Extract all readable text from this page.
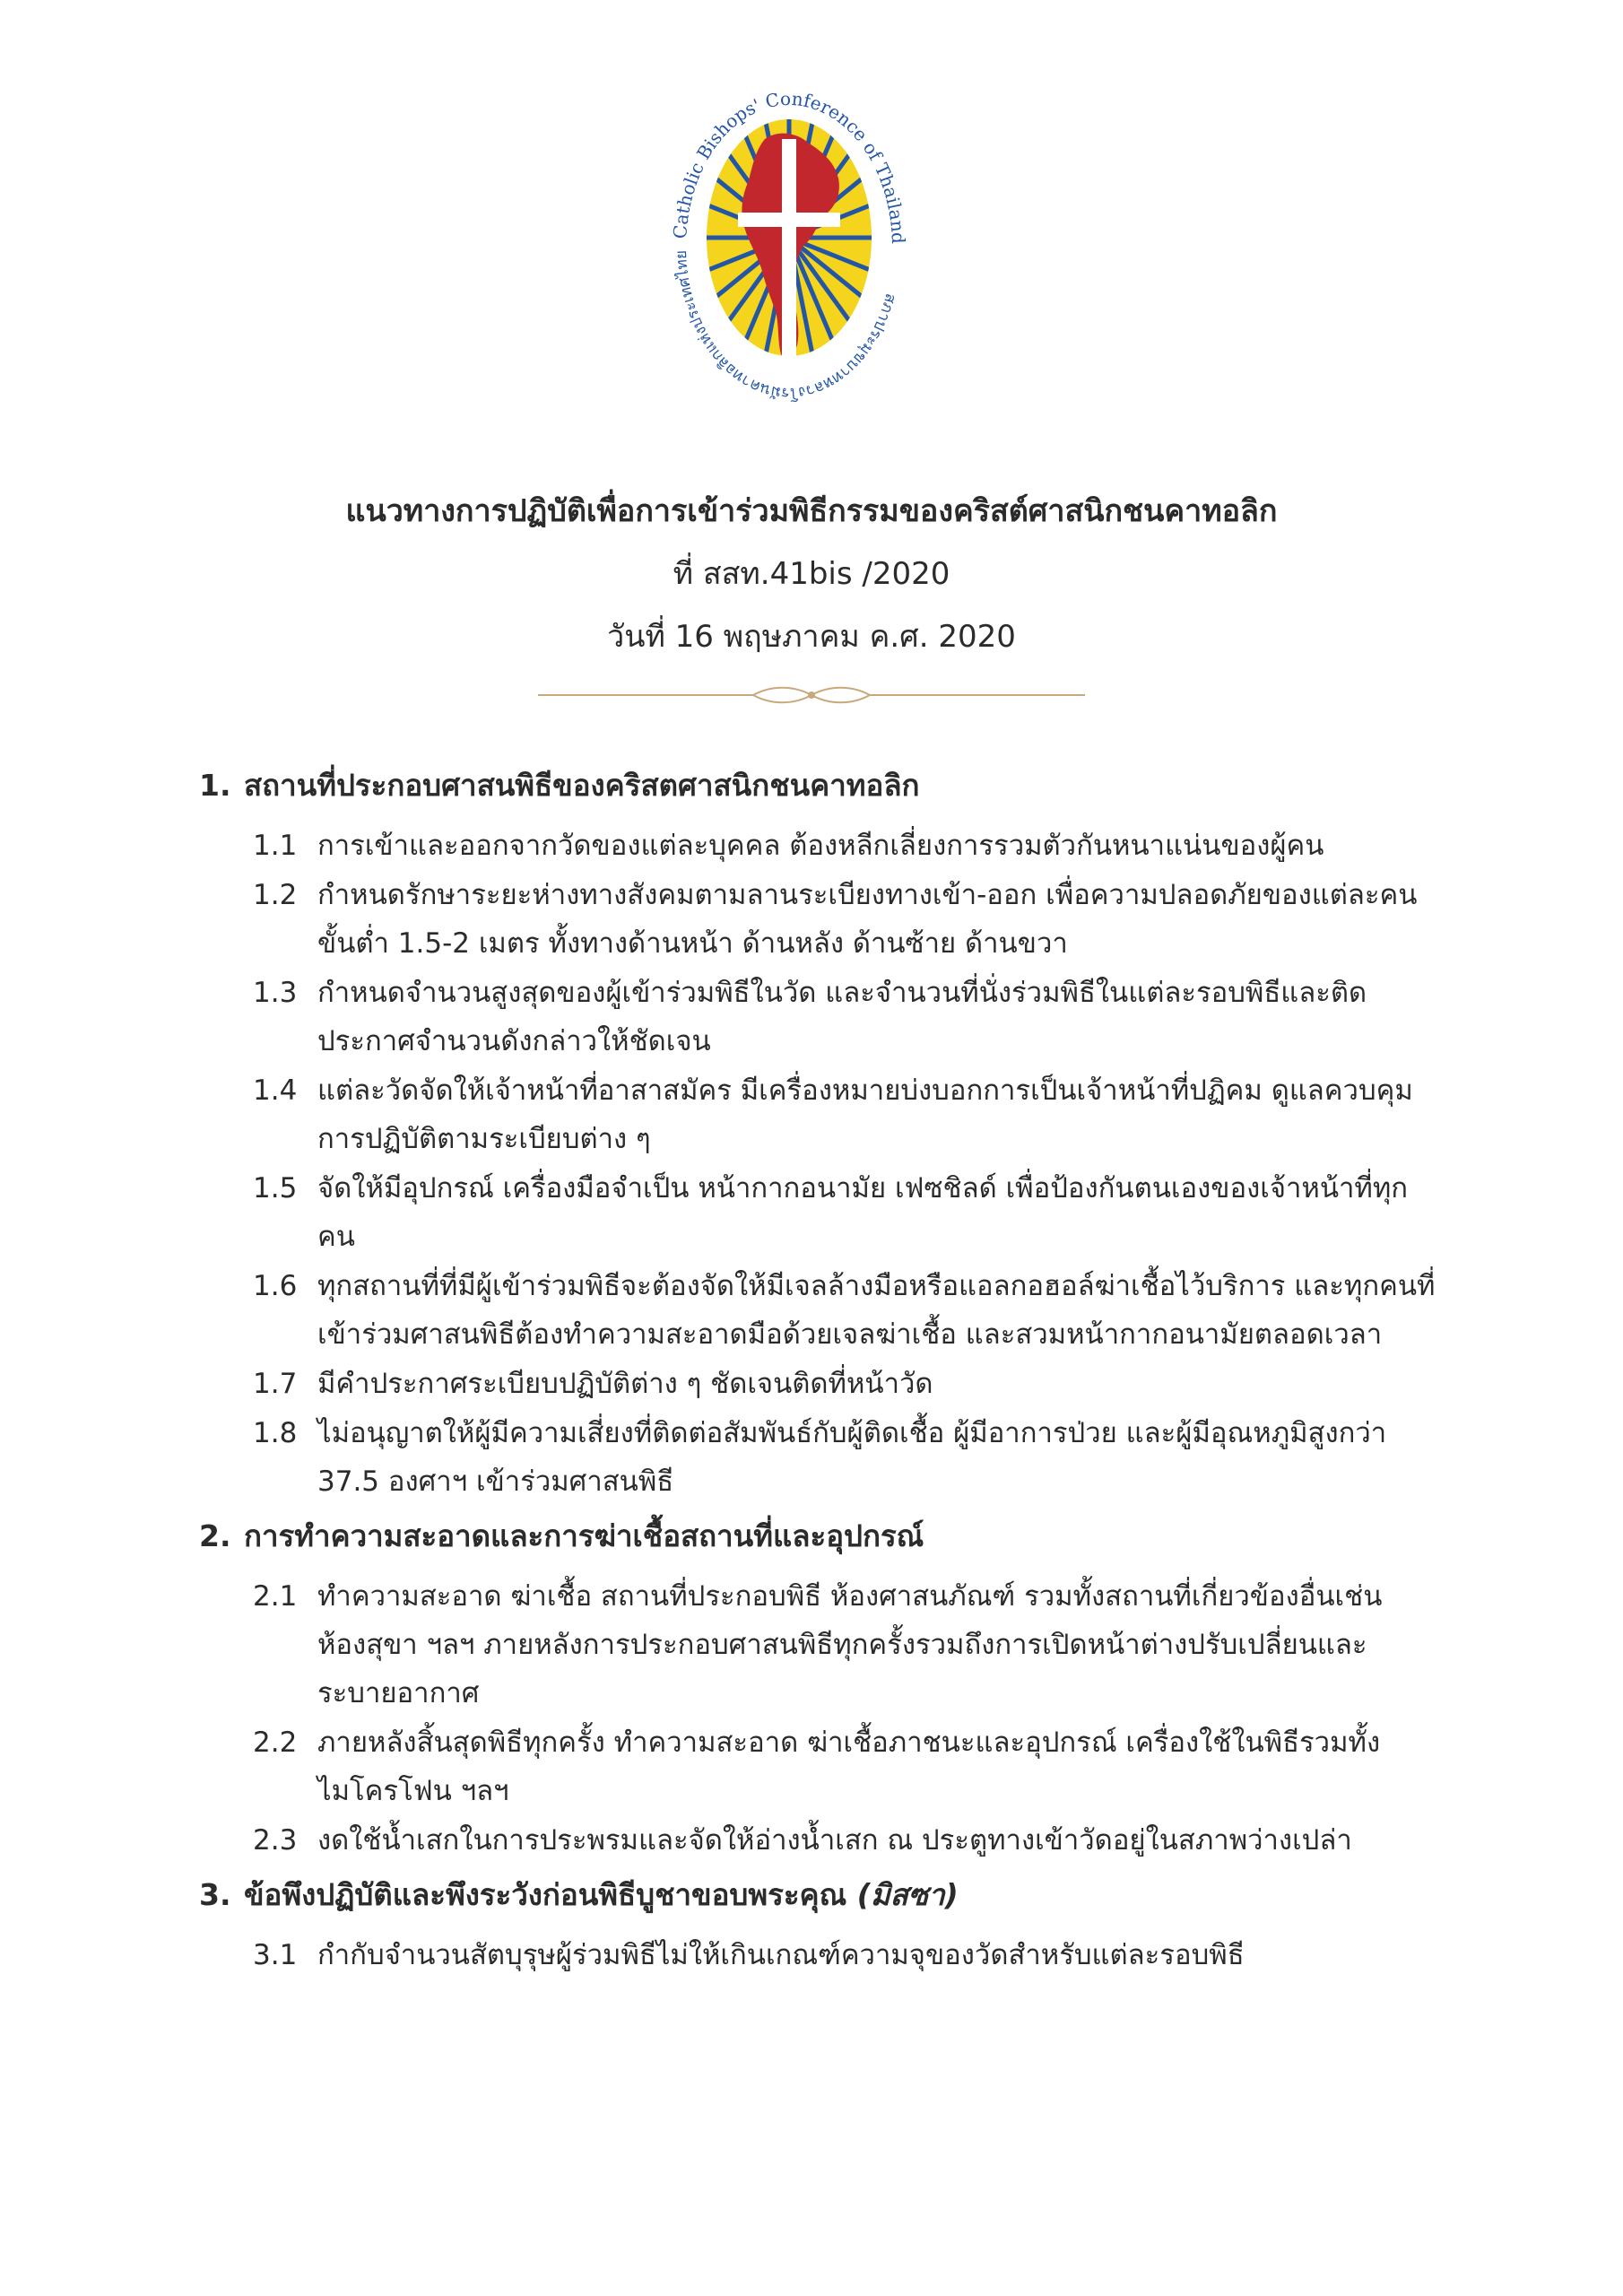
สภาประมุขบาทหลวงโรมันคาทอลิกแห่งประเทศไทย
Catholic Bishops' Conference of Thailand
แนวทางการปฏิบัติเพื่อการเข้าร่วมพิธีกรรมของคริสต์ศาสนิกชนคาทอลิก
ที่ สสท.41bis /2020
วันที่ 16 พฤษภาคม ค.ศ. 2020
1. สถานที่ประกอบศาสนพิธีของคริสตศาสนิกชนคาทอลิก
1.1 การเข้าและออกจากวัดของแต่ละบุคคล ต้องหลีกเลี่ยงการรวมตัวกันหนาแน่นของผู้คน
1.2 กำหนดรักษาระยะห่างทางสังคมตามลานระเบียงทางเข้า-ออก เพื่อความปลอดภัยของแต่ละคนขั้นต่ำ 1.5-2 เมตร ทั้งทางด้านหน้า ด้านหลัง ด้านซ้าย ด้านขวา
1.3 กำหนดจำนวนสูงสุดของผู้เข้าร่วมพิธีในวัด และจำนวนที่นั่งร่วมพิธีในแต่ละรอบพิธีและติดประกาศจำนวนดังกล่าวให้ชัดเจน
1.4 แต่ละวัดจัดให้เจ้าหน้าที่อาสาสมัคร มีเครื่องหมายบ่งบอกการเป็นเจ้าหน้าที่ปฏิคม ดูแลควบคุมการปฏิบัติตามระเบียบต่าง ๆ
1.5 จัดให้มีอุปกรณ์ เครื่องมือจำเป็น หน้ากากอนามัย เฟซชิลด์ เพื่อป้องกันตนเองของเจ้าหน้าที่ทุกคน
1.6 ทุกสถานที่ที่มีผู้เข้าร่วมพิธีจะต้องจัดให้มีเจลล้างมือหรือแอลกอฮอล์ฆ่าเชื้อไว้บริการ และทุกคนที่เข้าร่วมศาสนพิธีต้องทำความสะอาดมือด้วยเจลฆ่าเชื้อ และสวมหน้ากากอนามัยตลอดเวลา
1.7 มีคำประกาศระเบียบปฏิบัติต่าง ๆ ชัดเจนติดที่หน้าวัด
1.8 ไม่อนุญาตให้ผู้มีความเสี่ยงที่ติดต่อสัมพันธ์กับผู้ติดเชื้อ ผู้มีอาการป่วย และผู้มีอุณหภูมิสูงกว่า 37.5 องศาฯ เข้าร่วมศาสนพิธี
2. การทำความสะอาดและการฆ่าเชื้อสถานที่และอุปกรณ์
2.1 ทำความสะอาด ฆ่าเชื้อ สถานที่ประกอบพิธี ห้องศาสนภัณฑ์ รวมทั้งสถานที่เกี่ยวข้องอื่นเช่น ห้องสุขา ฯลฯ ภายหลังการประกอบศาสนพิธีทุกครั้งรวมถึงการเปิดหน้าต่างปรับเปลี่ยนและระบายอากาศ
2.2 ภายหลังสิ้นสุดพิธีทุกครั้ง ทำความสะอาด ฆ่าเชื้อภาชนะและอุปกรณ์ เครื่องใช้ในพิธีรวมทั้งไมโครโฟน ฯลฯ
2.3 งดใช้น้ำเสกในการประพรมและจัดให้อ่างน้ำเสก ณ ประตูทางเข้าวัดอยู่ในสภาพว่างเปล่า
3. ข้อพึงปฏิบัติและพึงระวังก่อนพิธีบูชาขอบพระคุณ (มิสซา)
3.1 กำกับจำนวนสัตบุรุษผู้ร่วมพิธีไม่ให้เกินเกณฑ์ความจุของวัดสำหรับแต่ละรอบพิธี
